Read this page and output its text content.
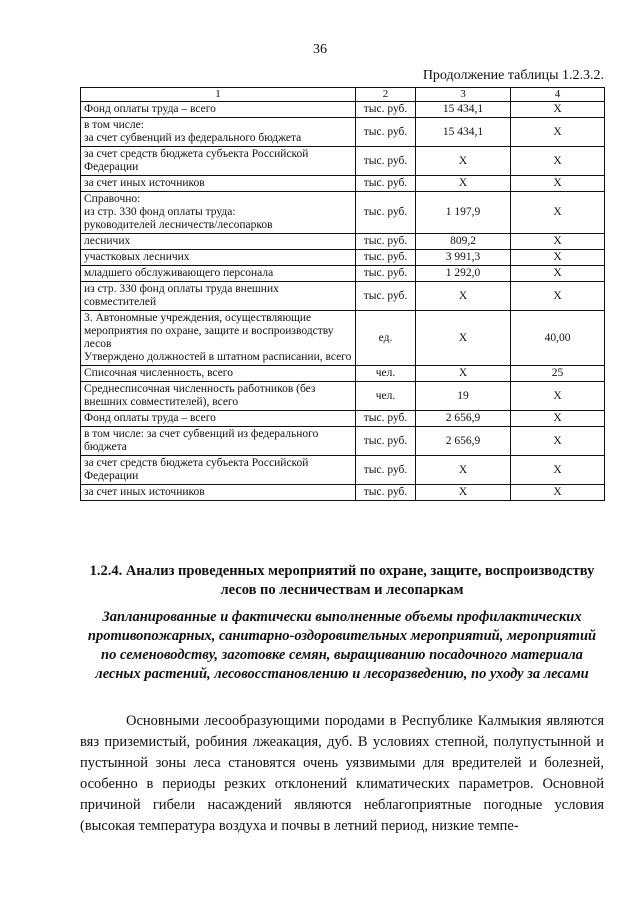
36
Продолжение таблицы 1.2.3.2.
1	2	3	4
Фонд оплаты труда – всего	тыс. руб.	15 434,1	Х
в том числе:
за счет субвенций из федерального бюджета	тыс. руб.	15 434,1	Х
за счет средств бюджета субъекта Российской Федерации	тыс. руб.	Х	Х
за счет иных источников	тыс. руб.	Х	Х
Справочно:
из стр. 330 фонд оплаты труда:
руководителей лесничеств/лесопарков	тыс. руб.	1 197,9	Х
лесничих	тыс. руб.	809,2	Х
участковых лесничих	тыс. руб.	3 991,3	Х
младшего обслуживающего персонала	тыс. руб.	1 292,0	Х
из стр. 330 фонд оплаты труда внешних совместителей	тыс. руб.	Х	Х
3. Автономные учреждения, осуществляющие мероприятия по охране, защите и воспроизводству лесов
Утверждено должностей в штатном расписании, всего	ед.	Х	40,00
Списочная численность, всего	чел.	Х	25
Среднесписочная численность работников (без внешних совместителей), всего	чел.	19	Х
Фонд оплаты труда – всего	тыс. руб.	2 656,9	Х
в том числе: за счет субвенций из федерального бюджета	тыс. руб.	2 656,9	Х
за счет средств бюджета субъекта Российской Федерации	тыс. руб.	Х	Х
за счет иных источников	тыс. руб.	Х	Х
1.2.4. Анализ проведенных мероприятий по охране, защите, воспроизводству лесов по лесничествам и лесопаркам
Запланированные и фактически выполненные объемы профилактических противопожарных, санитарно-оздоровительных мероприятий, мероприятий по семеноводству, заготовке семян, выращиванию посадочного материала лесных растений, лесовосстановлению и лесоразведению, по уходу за лесами
Основными лесообразующими породами в Республике Калмыкия являются вяз приземистый, робиния лжеакация, дуб. В условиях степной, полупустынной и пустынной зоны леса становятся очень уязвимыми для вредителей и болезней, особенно в периоды резких отклонений климатических параметров. Основной причиной гибели насаждений являются неблагоприятные погодные условия (высокая температура воздуха и почвы в летний период, низкие темпе-
